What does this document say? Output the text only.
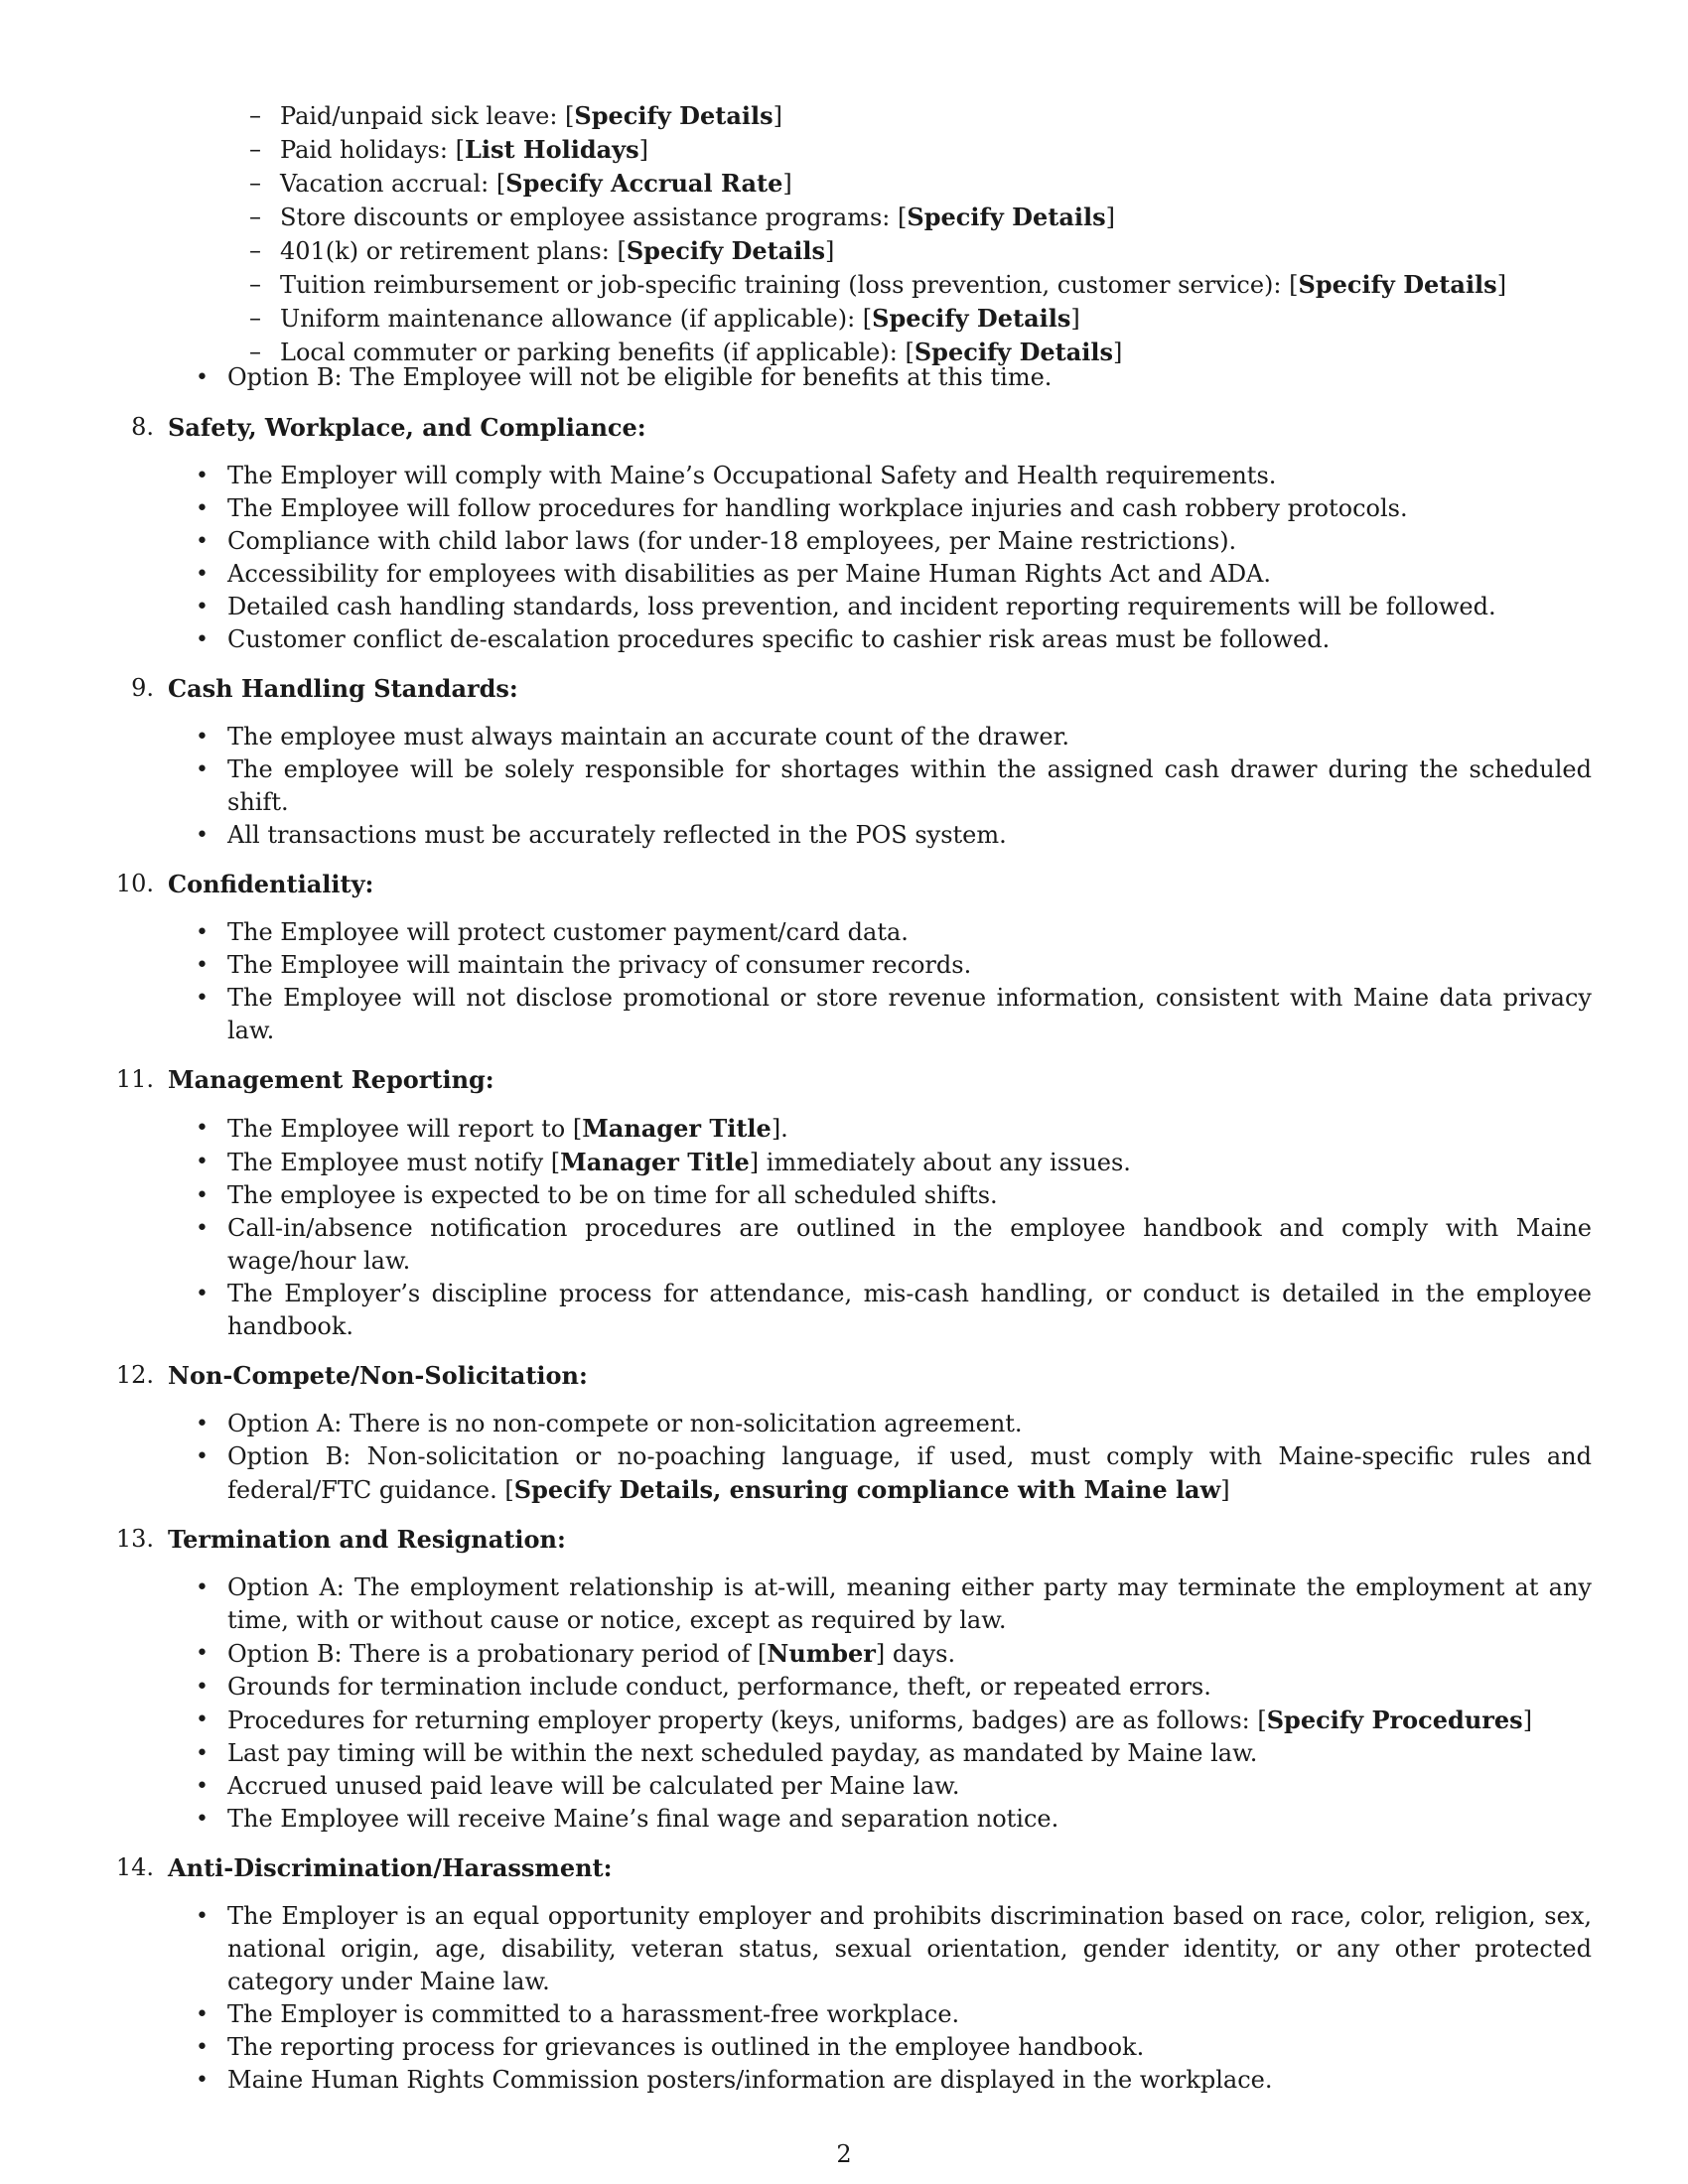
– Paid/unpaid sick leave: [Specify Details]
– Paid holidays: [List Holidays]
– Vacation accrual: [Specify Accrual Rate]
– Store discounts or employee assistance programs: [Specify Details]
– 401(k) or retirement plans: [Specify Details]
– Tuition reimbursement or job-specific training (loss prevention, customer service): [Specify Details]
– Uniform maintenance allowance (if applicable): [Specify Details]
– Local commuter or parking benefits (if applicable): [Specify Details]
• Option B: The Employee will not be eligible for benefits at this time.
8. Safety, Workplace, and Compliance:
• The Employer will comply with Maine’s Occupational Safety and Health requirements.
• The Employee will follow procedures for handling workplace injuries and cash robbery protocols.
• Compliance with child labor laws (for under-18 employees, per Maine restrictions).
• Accessibility for employees with disabilities as per Maine Human Rights Act and ADA.
• Detailed cash handling standards, loss prevention, and incident reporting requirements will be followed.
• Customer conflict de-escalation procedures specific to cashier risk areas must be followed.
9. Cash Handling Standards:
• The employee must always maintain an accurate count of the drawer.
• The employee will be solely responsible for shortages within the assigned cash drawer during the scheduled shift.
• All transactions must be accurately reflected in the POS system.
10. Confidentiality:
• The Employee will protect customer payment/card data.
• The Employee will maintain the privacy of consumer records.
• The Employee will not disclose promotional or store revenue information, consistent with Maine data privacy law.
11. Management Reporting:
• The Employee will report to [Manager Title].
• The Employee must notify [Manager Title] immediately about any issues.
• The employee is expected to be on time for all scheduled shifts.
• Call-in/absence notification procedures are outlined in the employee handbook and comply with Maine wage/hour law.
• The Employer’s discipline process for attendance, mis-cash handling, or conduct is detailed in the employee handbook.
12. Non-Compete/Non-Solicitation:
• Option A: There is no non-compete or non-solicitation agreement.
• Option B: Non-solicitation or no-poaching language, if used, must comply with Maine-specific rules and federal/FTC guidance. [Specify Details, ensuring compliance with Maine law]
13. Termination and Resignation:
• Option A: The employment relationship is at-will, meaning either party may terminate the employment at any time, with or without cause or notice, except as required by law.
• Option B: There is a probationary period of [Number] days.
• Grounds for termination include conduct, performance, theft, or repeated errors.
• Procedures for returning employer property (keys, uniforms, badges) are as follows: [Specify Procedures]
• Last pay timing will be within the next scheduled payday, as mandated by Maine law.
• Accrued unused paid leave will be calculated per Maine law.
• The Employee will receive Maine’s final wage and separation notice.
14. Anti-Discrimination/Harassment:
• The Employer is an equal opportunity employer and prohibits discrimination based on race, color, religion, sex, national origin, age, disability, veteran status, sexual orientation, gender identity, or any other protected category under Maine law.
• The Employer is committed to a harassment-free workplace.
• The reporting process for grievances is outlined in the employee handbook.
• Maine Human Rights Commission posters/information are displayed in the workplace.
2
